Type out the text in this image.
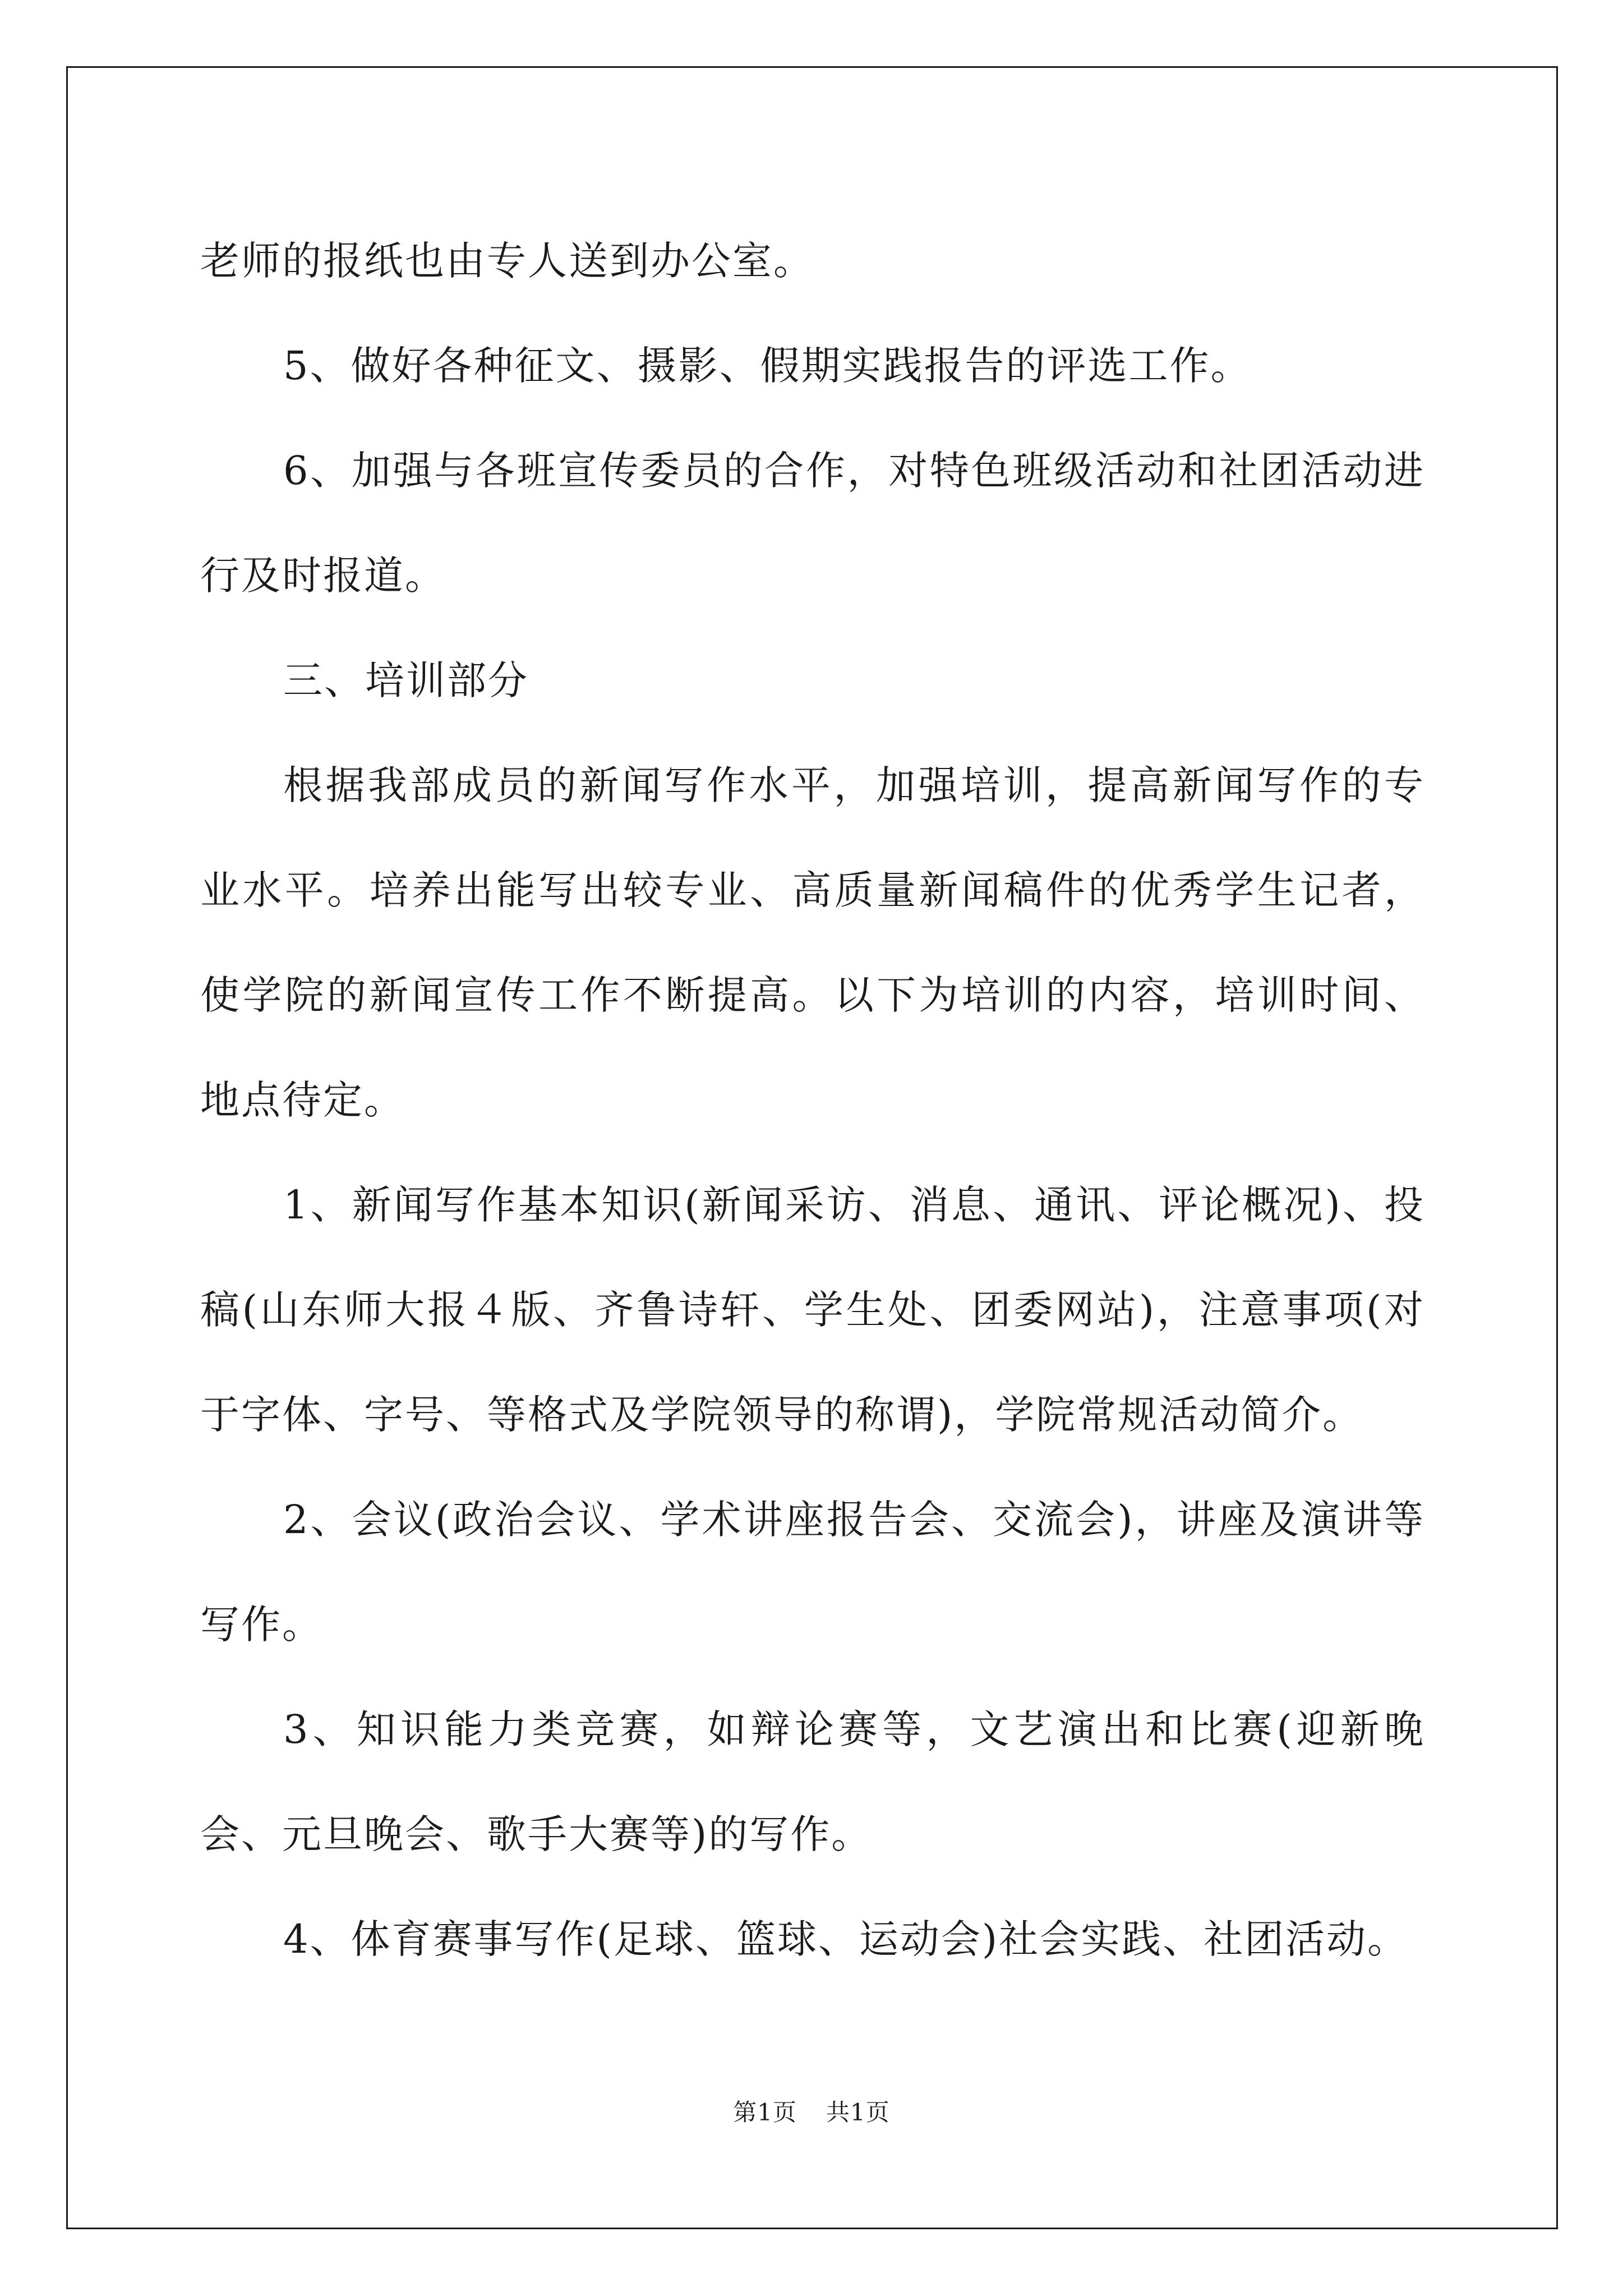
老师的报纸也由专人送到办公室。

5、做好各种征文、摄影、假期实践报告的评选工作。

6、加强与各班宣传委员的合作，对特色班级活动和社团活动进行及时报道。

三、培训部分

根据我部成员的新闻写作水平，加强培训，提高新闻写作的专业水平。培养出能写出较专业、高质量新闻稿件的优秀学生记者，使学院的新闻宣传工作不断提高。以下为培训的内容，培训时间、地点待定。

1、新闻写作基本知识(新闻采访、消息、通讯、评论概况)、投稿(山东师大报４版、齐鲁诗轩、学生处、团委网站)，注意事项(对于字体、字号、等格式及学院领导的称谓)，学院常规活动简介。

2、会议(政治会议、学术讲座报告会、交流会)，讲座及演讲等写作。

3、知识能力类竞赛，如辩论赛等，文艺演出和比赛(迎新晚会、元旦晚会、歌手大赛等)的写作。

4、体育赛事写作(足球、篮球、运动会)社会实践、社团活动。

第1页 共1页
